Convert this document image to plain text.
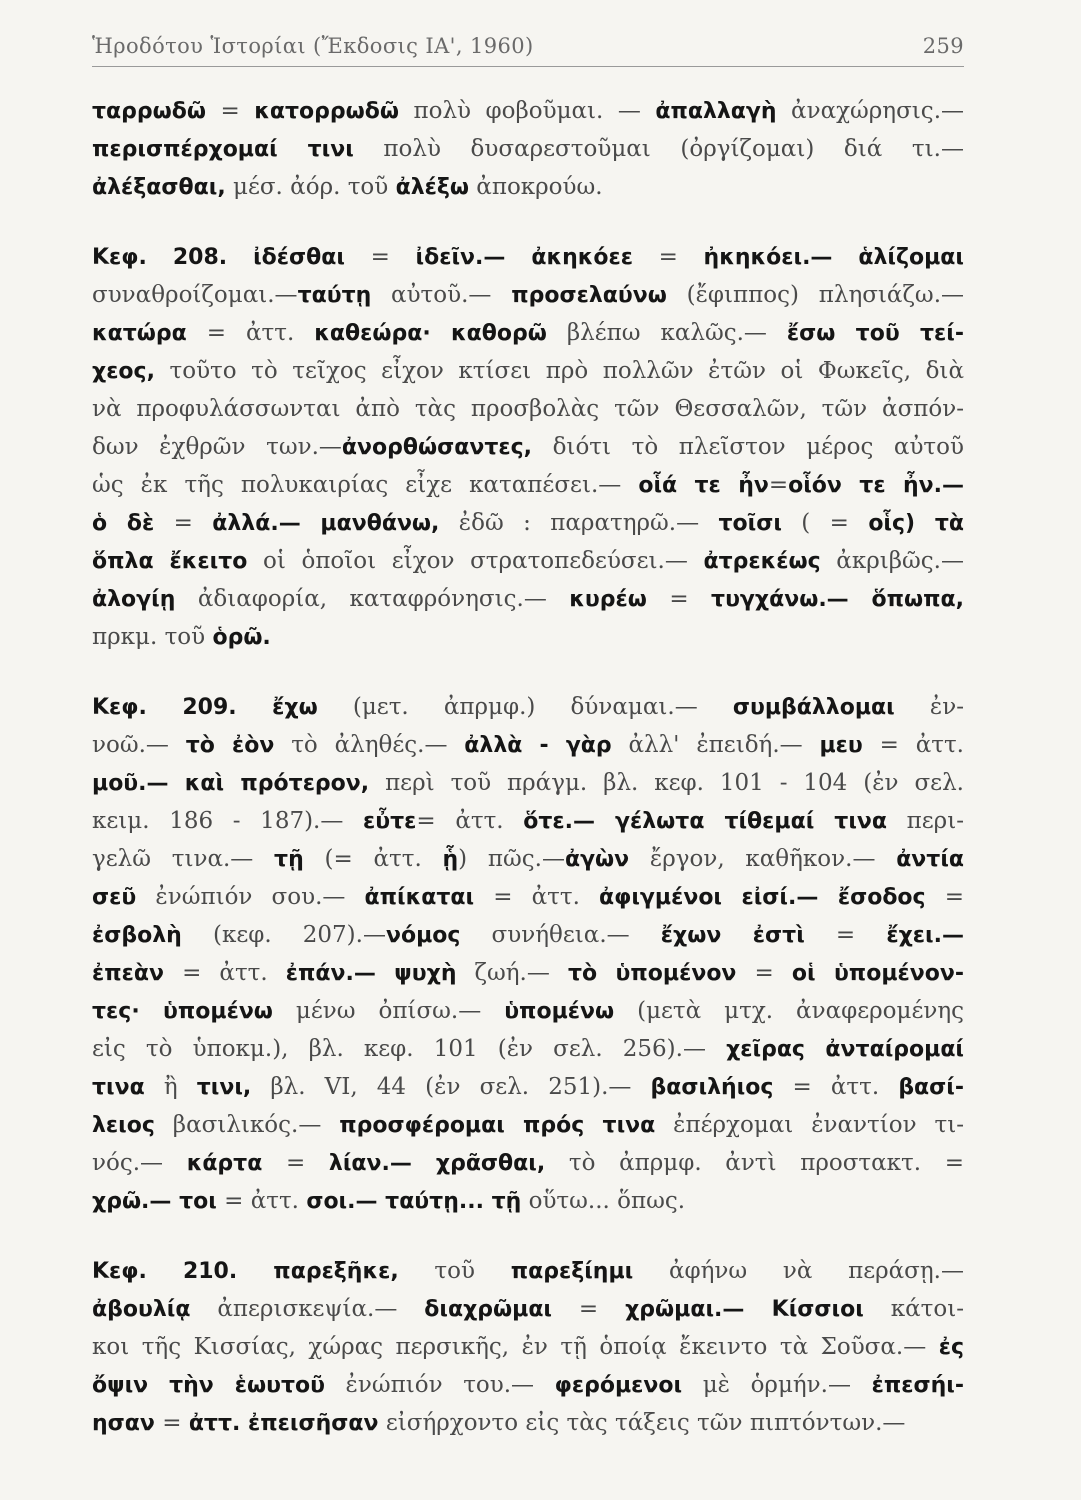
Ἡροδότου Ἱστορίαι (Ἔκδοσις ΙΑ', 1960)	259
ταρρωδῶ = κατορρωδῶ πολὺ φοβοῦμαι. — ἀπαλλαγὴ ἀναχώρησις.—
περισπέρχομαί τινι πολὺ δυσαρεστοῦμαι (ὀργίζομαι) διά τι.—
ἀλέξασθαι, μέσ. ἀόρ. τοῦ ἀλέξω ἀποκρούω.
Κεφ. 208. ἰδέσθαι = ἰδεῖν.— ἀκηκόεε = ἠκηκόει.— ἁλίζομαι
συναθροίζομαι.—ταύτῃ αὐτοῦ.— προσελαύνω (ἔφιππος) πλησιάζω.—
κατώρα = ἀττ. καθεώρα· καθορῶ βλέπω καλῶς.— ἔσω τοῦ τεί-
χεος, τοῦτο τὸ τεῖχος εἶχον κτίσει πρὸ πολλῶν ἐτῶν οἱ Φωκεῖς, διὰ
νὰ προφυλάσσωνται ἀπὸ τὰς προσβολὰς τῶν Θεσσαλῶν, τῶν ἀσπόν-
δων ἐχθρῶν των.—ἀνορθώσαντες, διότι τὸ πλεῖστον μέρος αὐτοῦ
ὡς ἐκ τῆς πολυκαιρίας εἶχε καταπέσει.— οἷά τε ἦν=οἷόν τε ἦν.—
ὁ δὲ = ἀλλά.— μανθάνω, ἐδῶ : παρατηρῶ.— τοῖσι ( = οἷς) τὰ
ὅπλα ἔκειτο οἱ ὁποῖοι εἶχον στρατοπεδεύσει.— ἀτρεκέως ἀκριβῶς.—
ἀλογίῃ ἀδιαφορία, καταφρόνησις.— κυρέω = τυγχάνω.— ὅπωπα,
πρκμ. τοῦ ὁρῶ.
Κεφ. 209. ἔχω (μετ. ἀπρμφ.) δύναμαι.— συμβάλλομαι ἐν-
νοῶ.— τὸ ἐὸν τὸ ἀληθές.— ἀλλὰ - γὰρ ἀλλ' ἐπειδή.— μευ = ἀττ.
μοῦ.— καὶ πρότερον, περὶ τοῦ πράγμ. βλ. κεφ. 101 - 104 (ἐν σελ.
κειμ. 186 - 187).— εὖτε= ἀττ. ὅτε.— γέλωτα τίθεμαί τινα περι-
γελῶ τινα.— τῇ (= ἀττ. ᾗ) πῶς.—ἀγὼν ἔργον, καθῆκον.— ἀντία
σεῦ ἐνώπιόν σου.— ἀπίκαται = ἀττ. ἀφιγμένοι εἰσί.— ἔσοδος =
ἐσβολὴ (κεφ. 207).—νόμος συνήθεια.— ἔχων ἐστὶ = ἔχει.—
ἐπεὰν = ἀττ. ἐπάν.— ψυχὴ ζωή.— τὸ ὑπομένον = οἱ ὑπομένον-
τες· ὑπομένω μένω ὀπίσω.— ὑπομένω (μετὰ μτχ. ἀναφερομένης
εἰς τὸ ὑποκμ.), βλ. κεφ. 101 (ἐν σελ. 256).— χεῖρας ἀνταίρομαί
τινα ἢ τινι, βλ. VI, 44 (ἐν σελ. 251).— βασιλήιος = ἀττ. βασί-
λειος βασιλικός.— προσφέρομαι πρός τινα ἐπέρχομαι ἐναντίον τι-
νός.— κάρτα = λίαν.— χρᾶσθαι, τὸ ἀπρμφ. ἀντὶ προστακτ. =
χρῶ.— τοι = ἀττ. σοι.— ταύτῃ... τῇ οὕτω... ὅπως.
Κεφ. 210. παρεξῆκε, τοῦ παρεξίημι ἀφήνω νὰ περάσῃ.—
ἀβουλίᾳ ἀπερισκεψία.— διαχρῶμαι = χρῶμαι.— Κίσσιοι κάτοι-
κοι τῆς Κισσίας, χώρας περσικῆς, ἐν τῇ ὁποίᾳ ἔκειντο τὰ Σοῦσα.— ἐς
ὄψιν τὴν ἑωυτοῦ ἐνώπιόν του.— φερόμενοι μὲ ὁρμήν.— ἐπεσήι-
ησαν = ἀττ. ἐπεισῆσαν εἰσήρχοντο εἰς τὰς τάξεις τῶν πιπτόντων.—
